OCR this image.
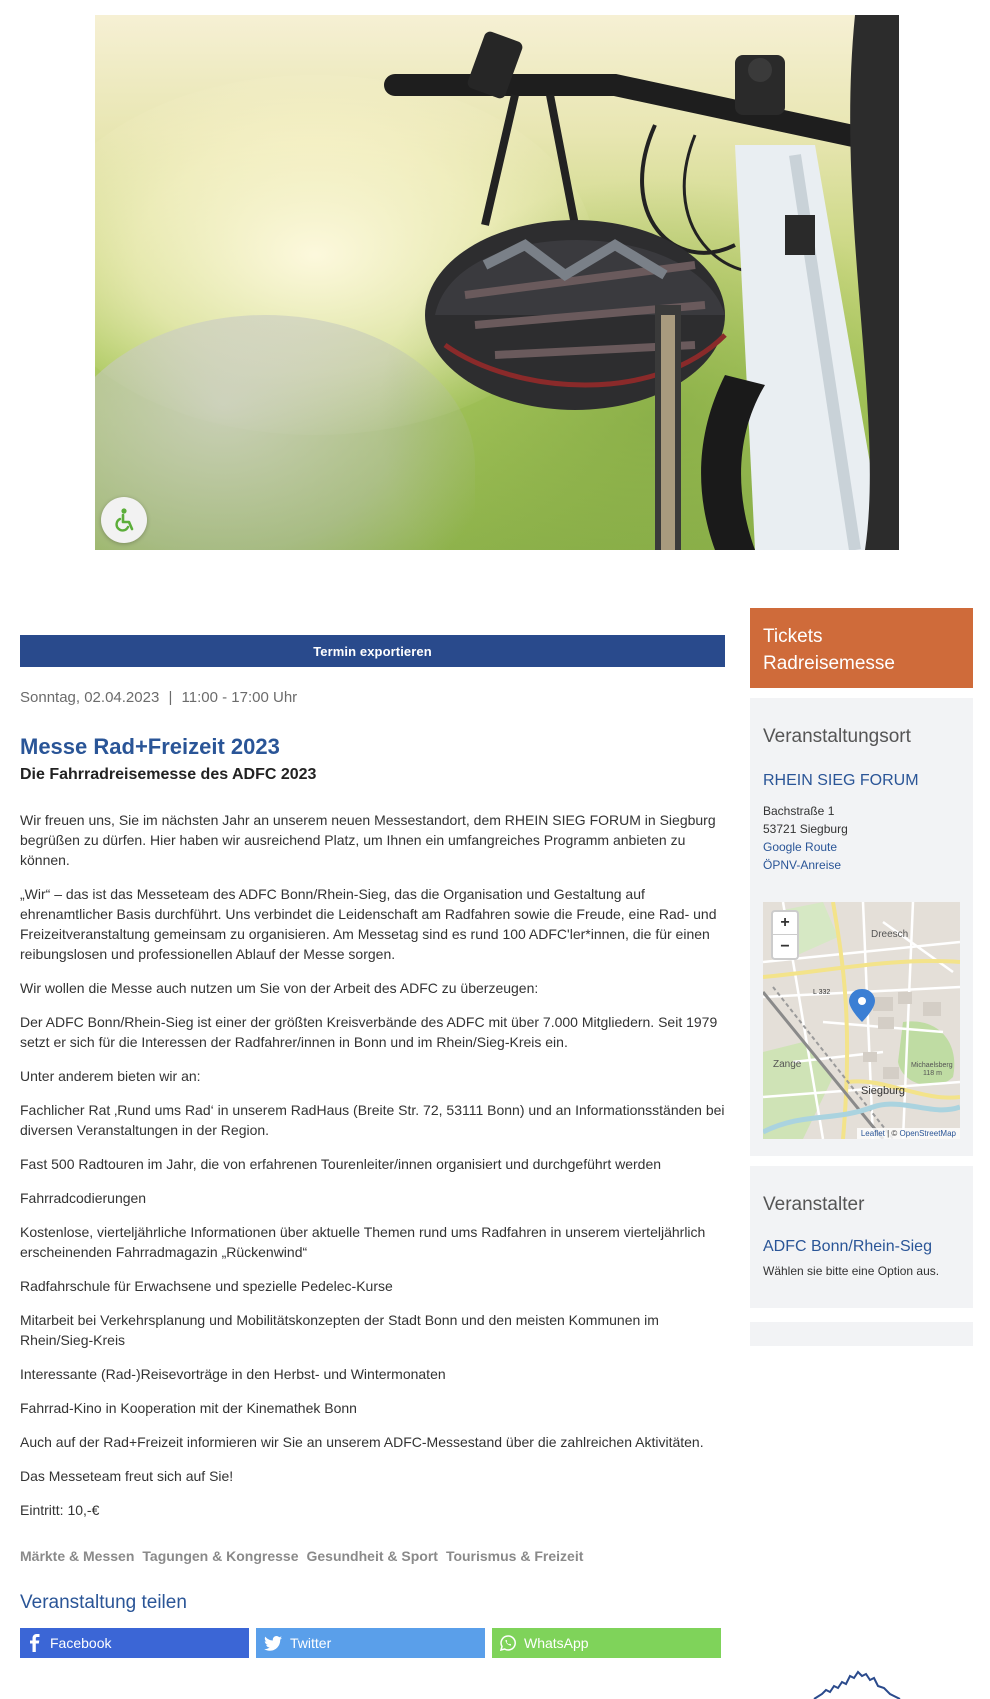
Termin exportieren
Sonntag, 02.04.2023 | 11:00 - 17:00 Uhr
Messe Rad+Freizeit 2023
Die Fahrradreisemesse des ADFC 2023

Wir freuen uns, Sie im nächsten Jahr an unserem neuen Messestandort, dem RHEIN SIEG FORUM in Siegburg begrüßen zu dürfen. Hier haben wir ausreichend Platz, um Ihnen ein umfangreiches Programm anbieten zu können.

„Wir“ – das ist das Messeteam des ADFC Bonn/Rhein-Sieg, das die Organisation und Gestaltung auf ehrenamtlicher Basis durchführt. Uns verbindet die Leidenschaft am Radfahren sowie die Freude, eine Rad- und Freizeitveranstaltung gemeinsam zu organisieren. Am Messetag sind es rund 100 ADFC'ler*innen, die für einen reibungslosen und professionellen Ablauf der Messe sorgen.

Wir wollen die Messe auch nutzen um Sie von der Arbeit des ADFC zu überzeugen:

Der ADFC Bonn/Rhein-Sieg ist einer der größten Kreisverbände des ADFC mit über 7.000 Mitgliedern. Seit 1979 setzt er sich für die Interessen der Radfahrer/innen in Bonn und im Rhein/Sieg-Kreis ein.

Unter anderem bieten wir an:

Fachlicher Rat ‚Rund ums Rad‘ in unserem RadHaus (Breite Str. 72, 53111 Bonn) und an Informationsständen bei diversen Veranstaltungen in der Region.

Fast 500 Radtouren im Jahr, die von erfahrenen Tourenleiter/innen organisiert und durchgeführt werden

Fahrradcodierungen

Kostenlose, vierteljährliche Informationen über aktuelle Themen rund ums Radfahren in unserem vierteljährlich erscheinenden Fahrradmagazin „Rückenwind“

Radfahrschule für Erwachsene und spezielle Pedelec-Kurse

Mitarbeit bei Verkehrsplanung und Mobilitätskonzepten der Stadt Bonn und den meisten Kommunen im Rhein/Sieg-Kreis

Interessante (Rad-)Reisevorträge in den Herbst- und Wintermonaten

Fahrrad-Kino in Kooperation mit der Kinemathek Bonn

Auch auf der Rad+Freizeit informieren wir Sie an unserem ADFC-Messestand über die zahlreichen Aktivitäten.

Das Messeteam freut sich auf Sie!

Eintritt: 10,-€

Märkte & Messen Tagungen & Kongresse Gesundheit & Sport Tourismus & Freizeit
Veranstaltung teilen
Facebook	Twitter	WhatsApp
Tickets
Radreisemesse
Veranstaltungsort
RHEIN SIEG FORUM
Bachstraße 1
53721 Siegburg
Google Route
ÖPNV-Anreise
Dreesch
L 332
Zange
Siegburg
Michaelsberg
118 m
+
−
Leaflet | © OpenStreetMap
Veranstalter
ADFC Bonn/Rhein-Sieg
Wählen sie bitte eine Option aus.
